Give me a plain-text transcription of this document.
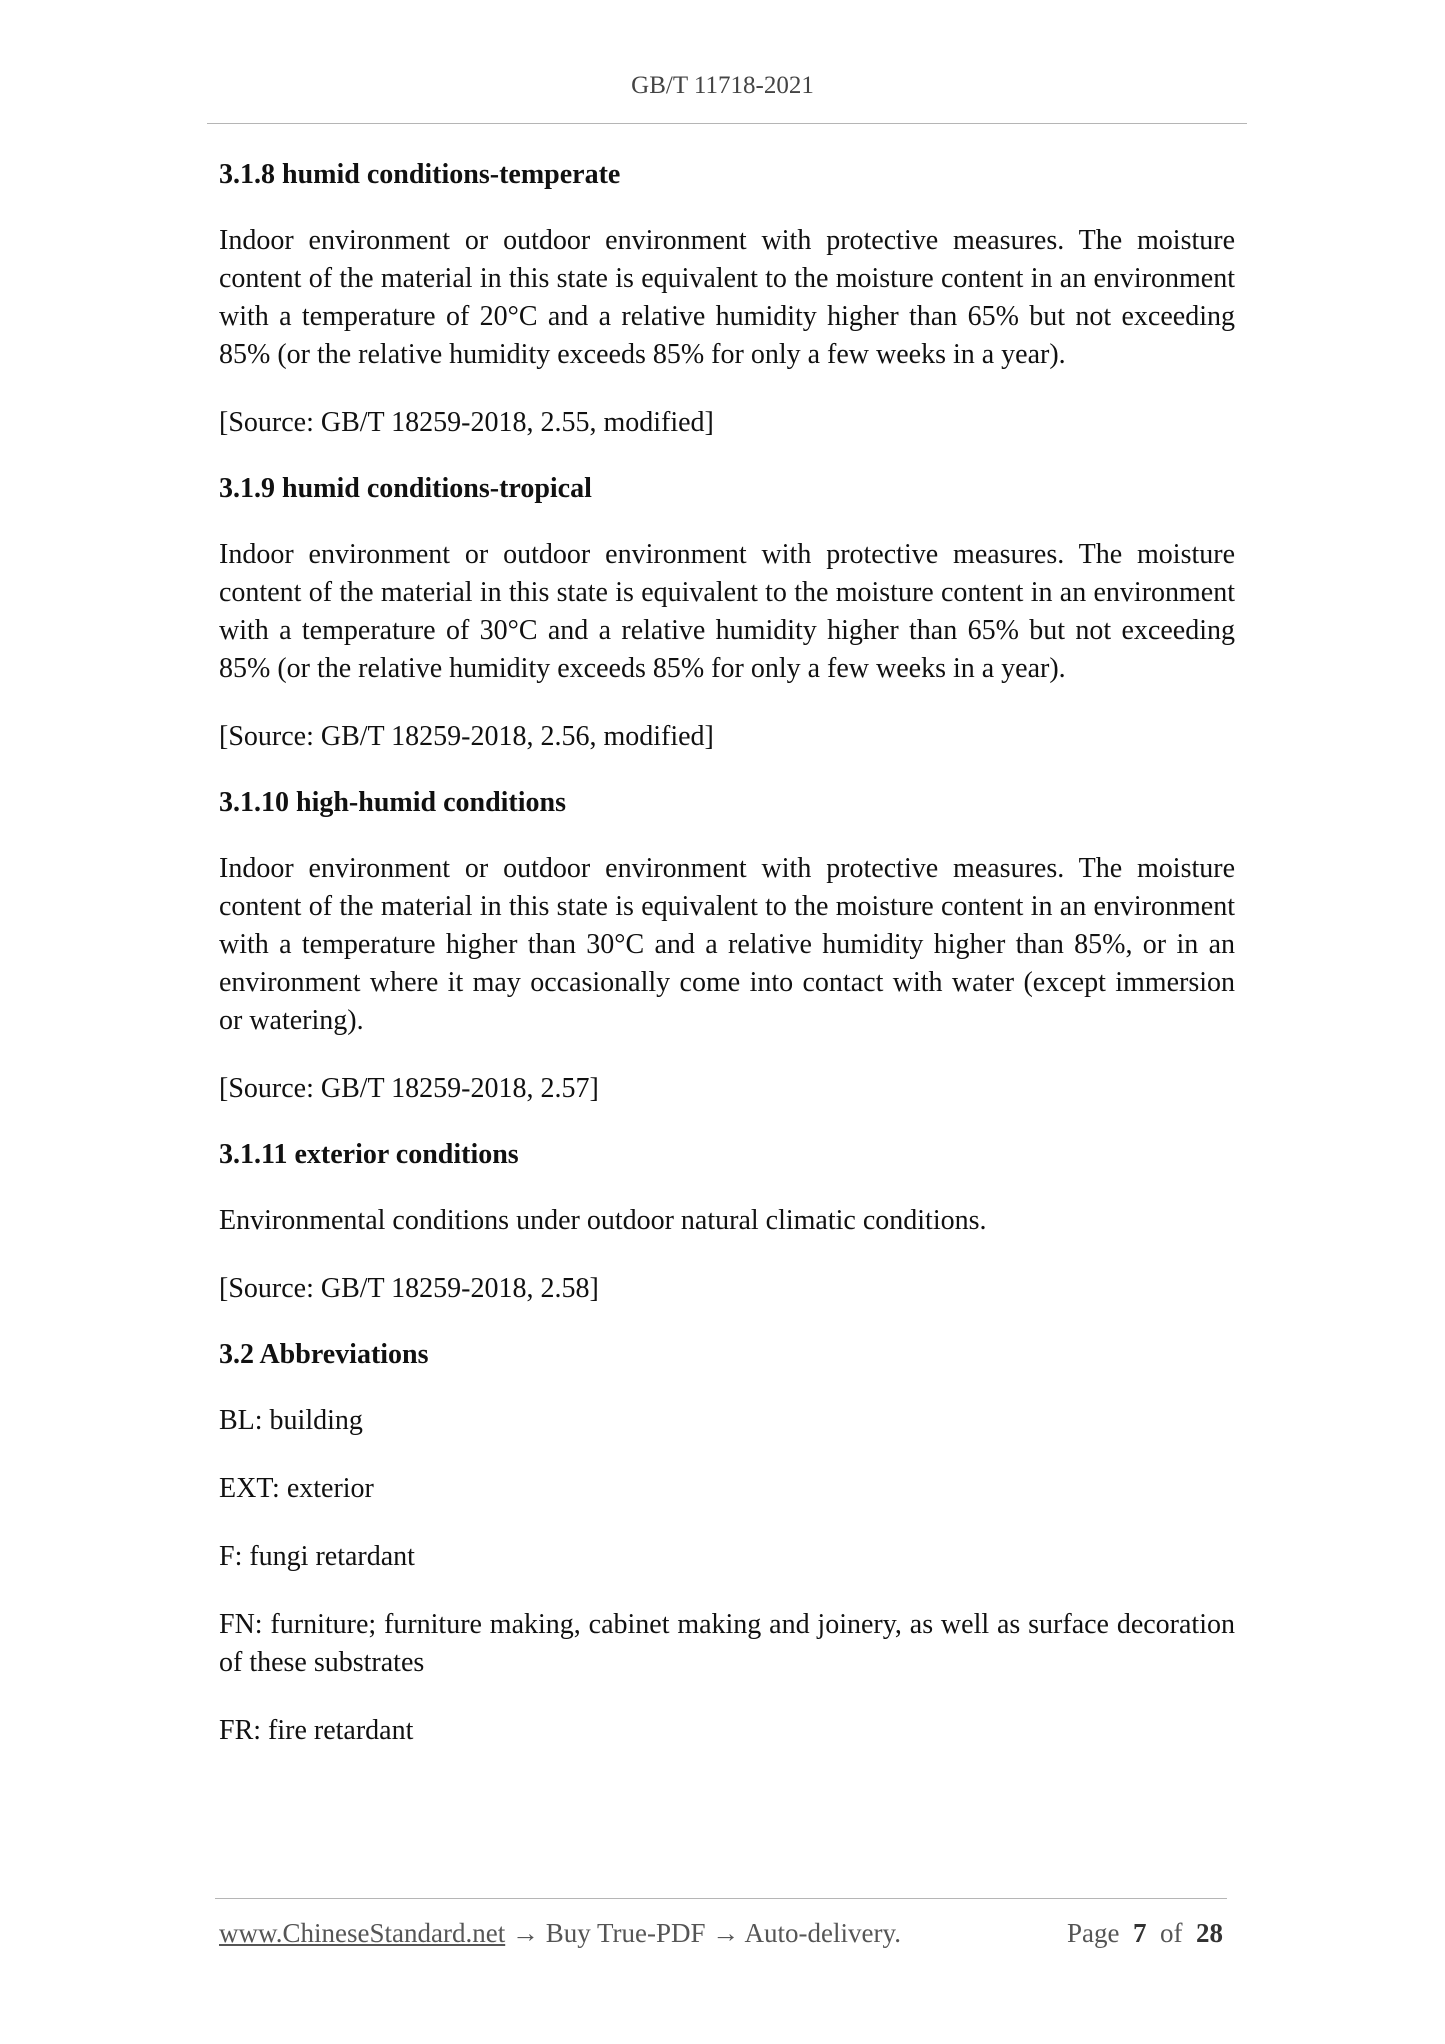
GB/T 11718-2021
3.1.8 humid conditions-temperate
Indoor environment or outdoor environment with protective measures. The moisture content of the material in this state is equivalent to the moisture content in an environment with a temperature of 20°C and a relative humidity higher than 65% but not exceeding 85% (or the relative humidity exceeds 85% for only a few weeks in a year).
[Source: GB/T 18259-2018, 2.55, modified]
3.1.9 humid conditions-tropical
Indoor environment or outdoor environment with protective measures. The moisture content of the material in this state is equivalent to the moisture content in an environment with a temperature of 30°C and a relative humidity higher than 65% but not exceeding 85% (or the relative humidity exceeds 85% for only a few weeks in a year).
[Source: GB/T 18259-2018, 2.56, modified]
3.1.10 high-humid conditions
Indoor environment or outdoor environment with protective measures. The moisture content of the material in this state is equivalent to the moisture content in an environment with a temperature higher than 30°C and a relative humidity higher than 85%, or in an environment where it may occasionally come into contact with water (except immersion or watering).
[Source: GB/T 18259-2018, 2.57]
3.1.11 exterior conditions
Environmental conditions under outdoor natural climatic conditions.
[Source: GB/T 18259-2018, 2.58]
3.2 Abbreviations
BL: building
EXT: exterior
F: fungi retardant
FN: furniture; furniture making, cabinet making and joinery, as well as surface decoration of these substrates
FR: fire retardant
www.ChineseStandard.net → Buy True-PDF → Auto-delivery.	Page 7 of 28
